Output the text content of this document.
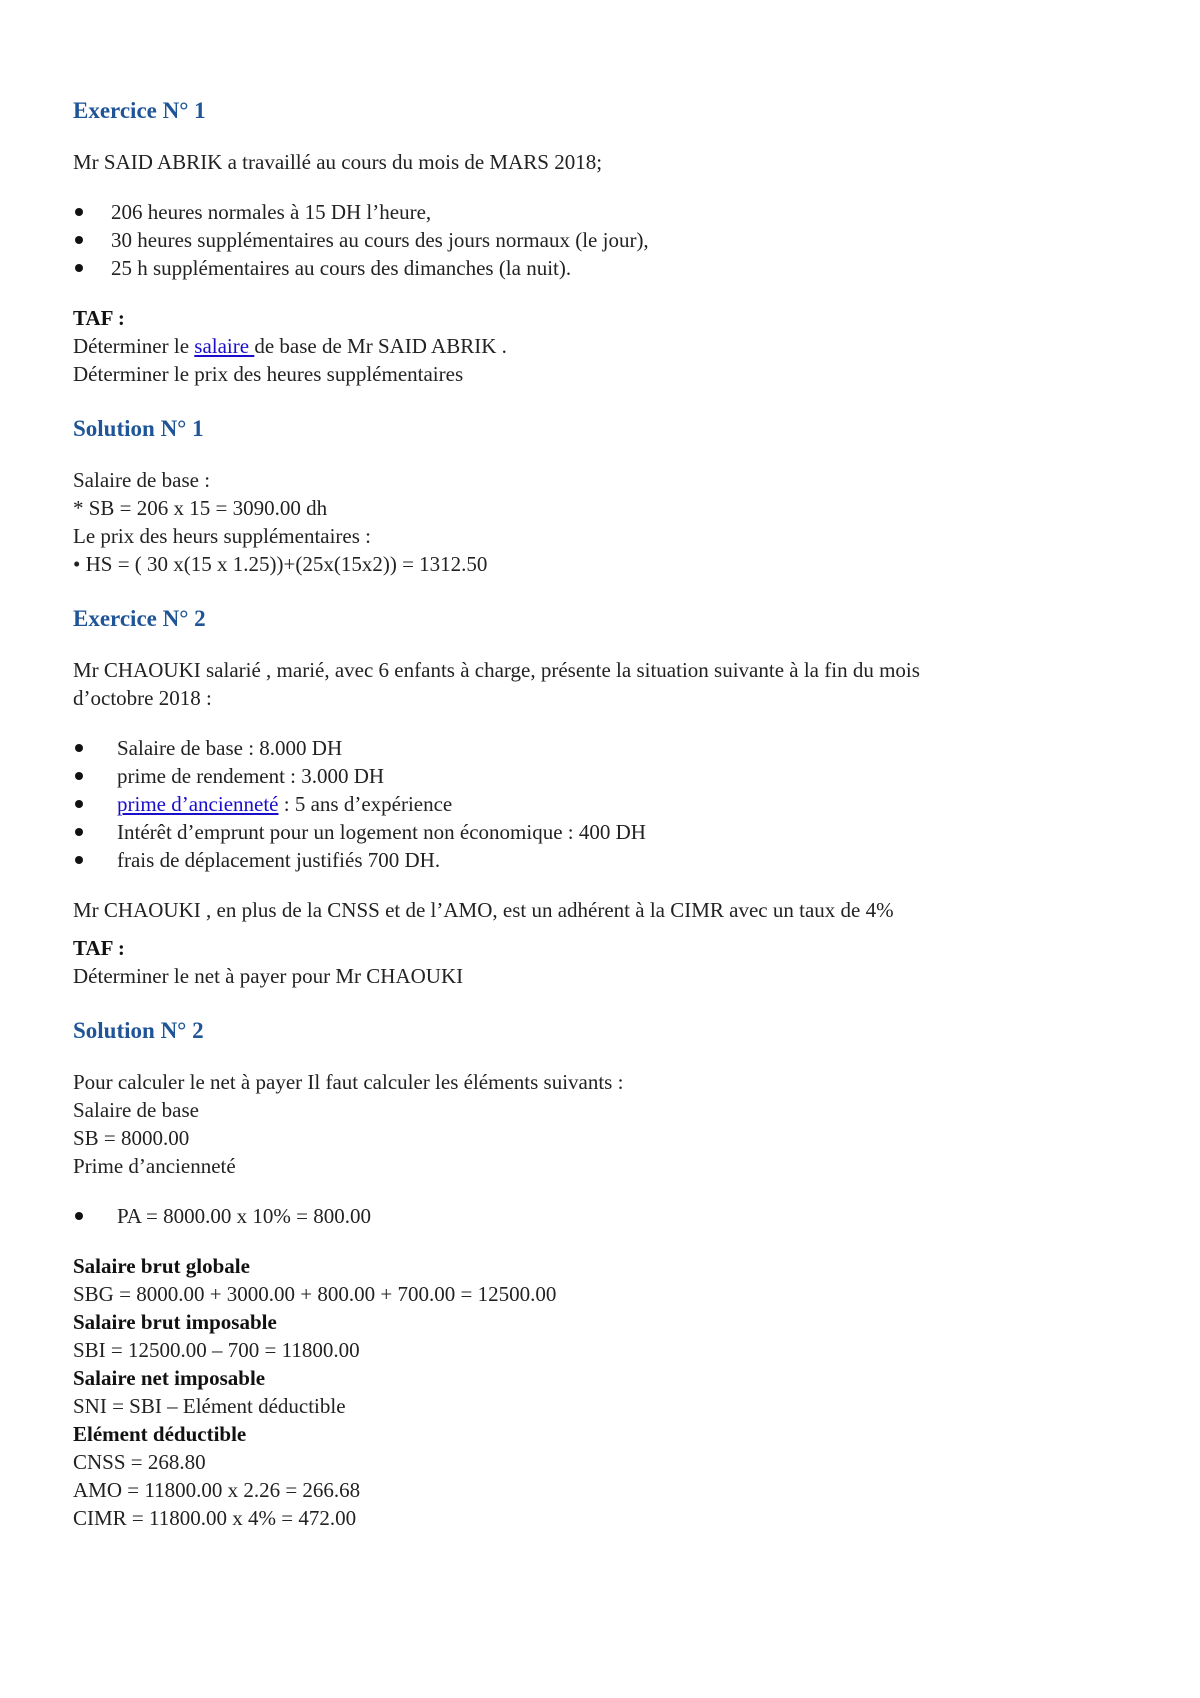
Exercice N° 1

Mr SAID ABRIK a travaillé au cours du mois de MARS 2018;

206 heures normales à 15 DH l’heure,
30 heures supplémentaires au cours des jours normaux (le jour),
25 h supplémentaires au cours des dimanches (la nuit).

TAF :

Déterminer le salaire de base de Mr SAID ABRIK .

Déterminer le prix des heures supplémentaires

Solution N° 1

Salaire de base :

* SB = 206 x 15 = 3090.00 dh

Le prix des heurs supplémentaires :

• HS = ( 30 x(15 x 1.25))+(25x(15x2)) = 1312.50

Exercice N° 2

Mr CHAOUKI salarié , marié, avec 6 enfants à charge, présente la situation suivante à la fin du mois

d’octobre 2018 :

Salaire de base : 8.000 DH
prime de rendement : 3.000 DH
prime d’ancienneté : 5 ans d’expérience
Intérêt d’emprunt pour un logement non économique : 400 DH
frais de déplacement justifiés 700 DH.

Mr CHAOUKI , en plus de la CNSS et de l’AMO, est un adhérent à la CIMR avec un taux de 4%

TAF :

Déterminer le net à payer pour Mr CHAOUKI

Solution N° 2

Pour calculer le net à payer Il faut calculer les éléments suivants :

Salaire de base

SB = 8000.00

Prime d’ancienneté

PA = 8000.00 x 10% = 800.00

Salaire brut globale

SBG = 8000.00 + 3000.00 + 800.00 + 700.00 = 12500.00

Salaire brut imposable

SBI = 12500.00 – 700 = 11800.00

Salaire net imposable

SNI = SBI – Elément déductible

Elément déductible

CNSS = 268.80

AMO = 11800.00 x 2.26 = 266.68

CIMR = 11800.00 x 4% = 472.00
